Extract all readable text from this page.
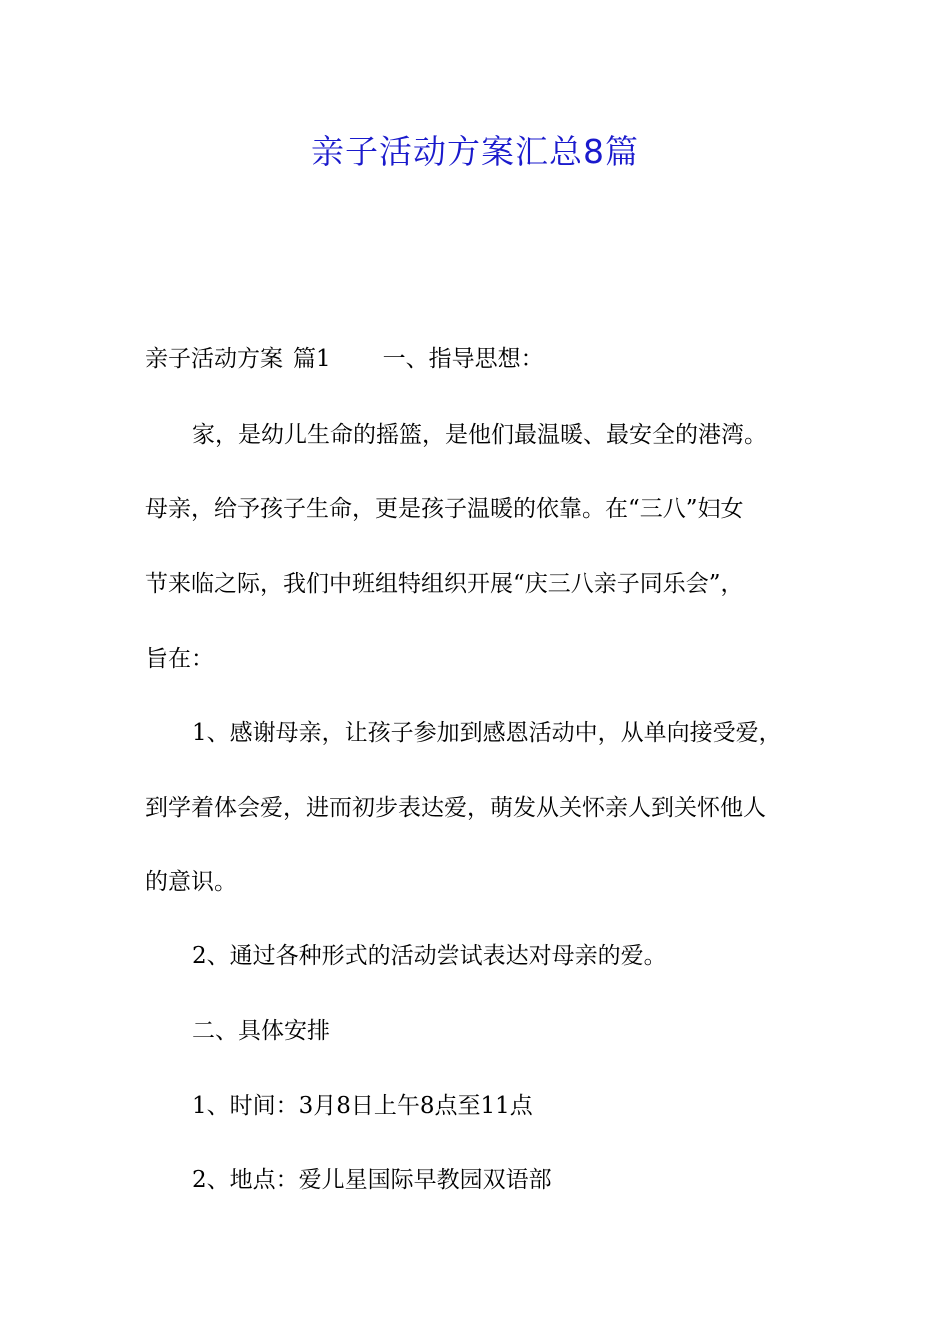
亲子活动方案汇总8篇

亲子活动方案 篇1 一、指导思想：

家，是幼儿生命的摇篮，是他们最温暖、最安全的港湾。

母亲，给予孩子生命，更是孩子温暖的依靠。在“三八”妇女

节来临之际，我们中班组特组织开展“庆三八亲子同乐会”，

旨在：

1、感谢母亲，让孩子参加到感恩活动中，从单向接受爱，

到学着体会爱，进而初步表达爱，萌发从关怀亲人到关怀他人

的意识。

2、通过各种形式的活动尝试表达对母亲的爱。

二、具体安排

1、时间：3月8日上午8点至11点

2、地点：爱儿星国际早教园双语部
